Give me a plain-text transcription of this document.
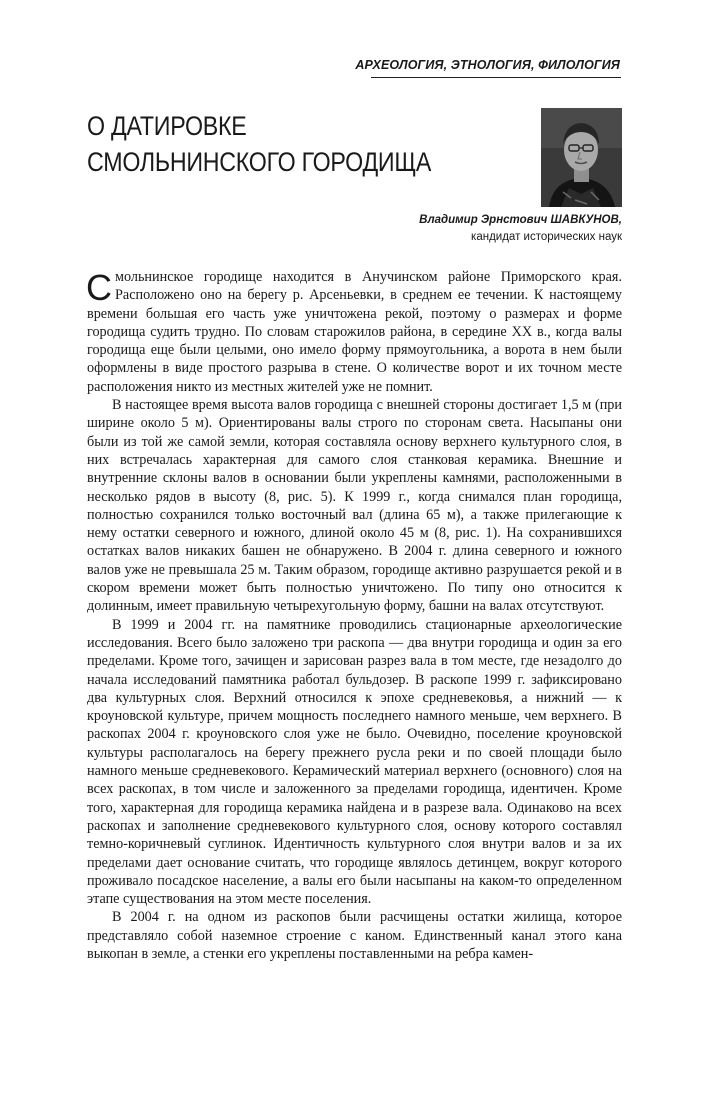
АРХЕОЛОГИЯ, ЭТНОЛОГИЯ, ФИЛОЛОГИЯ
О ДАТИРОВКЕ
СМОЛЬНИНСКОГО ГОРОДИЩА
Владимир Эрнстович ШАВКУНОВ,
кандидат исторических наук

Смольнинское городище находится в Анучинском районе Приморского края. Расположено оно на берегу р. Арсеньевки, в среднем ее течении. К настоящему времени большая его часть уже уничтожена рекой, поэтому о размерах и форме городища судить трудно. По словам старожилов района, в середине XX в., когда валы городища еще были целыми, оно имело форму прямоугольника, а ворота в нем были оформлены в виде простого разрыва в стене. О количестве ворот и их точном месте расположения никто из местных жителей уже не помнит.

В настоящее время высота валов городища с внешней стороны достигает 1,5 м (при ширине около 5 м). Ориентированы валы строго по сторонам света. Насыпаны они были из той же самой земли, которая составляла основу верхнего культурного слоя, в них встречалась характерная для самого слоя станковая керамика. Внешние и внутренние склоны валов в основании были укреплены камнями, расположенными в несколько рядов в высоту (8, рис. 5). К 1999 г., когда снимался план городища, полностью сохранился только восточный вал (длина 65 м), а также прилегающие к нему остатки северного и южного, длиной около 45 м (8, рис. 1). На сохранившихся остатках валов никаких башен не обнаружено. В 2004 г. длина северного и южного валов уже не превышала 25 м. Таким образом, городище активно разрушается рекой и в скором времени может быть полностью уничтожено. По типу оно относится к долинным, имеет правильную четырехугольную форму, башни на валах отсутствуют.

В 1999 и 2004 гг. на памятнике проводились стационарные археологические исследования. Всего было заложено три раскопа — два внутри городища и один за его пределами. Кроме того, зачищен и зарисован разрез вала в том месте, где незадолго до начала исследований памятника работал бульдозер. В раскопе 1999 г. зафиксировано два культурных слоя. Верхний относился к эпохе средневековья, а нижний — к кроуновской культуре, причем мощность последнего намного меньше, чем верхнего. В раскопах 2004 г. кроуновского слоя уже не было. Очевидно, поселение кроуновской культуры располагалось на берегу прежнего русла реки и по своей площади было намного меньше средневекового. Керамический материал верхнего (основного) слоя на всех раскопах, в том числе и заложенного за пределами городища, идентичен. Кроме того, характерная для городища керамика найдена и в разрезе вала. Одинаково на всех раскопах и заполнение средневекового культурного слоя, основу которого составлял темно-коричневый суглинок. Идентичность культурного слоя внутри валов и за их пределами дает основание считать, что городище являлось детинцем, вокруг которого проживало посадское население, а валы его были насыпаны на каком-то определенном этапе существования на этом месте поселения.

В 2004 г. на одном из раскопов были расчищены остатки жилища, которое представляло собой наземное строение с каном. Единственный канал этого кана выкопан в земле, а стенки его укреплены поставленными на ребра камен-
